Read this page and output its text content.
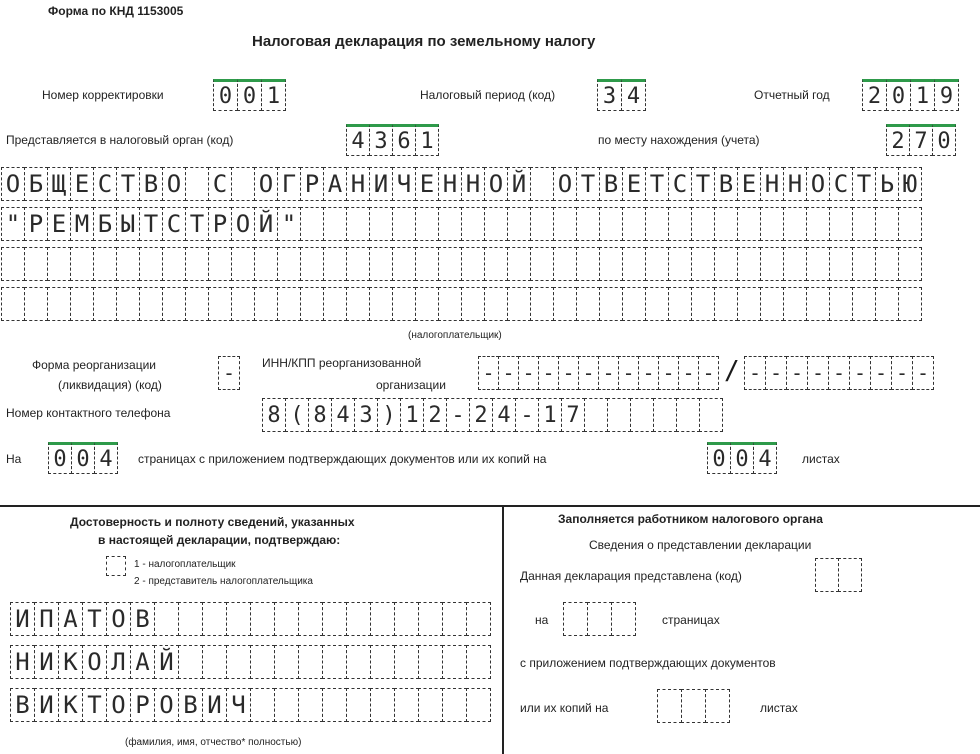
Форма по КНД 1153005
Налоговая декларация по земельному налогу
Номер корректировки	0 0 1	Налоговый период (код) 3 4	Отчетный год 2 0 1 9
Представляется в налоговый орган (код)	4 3 6 1	по месту нахождения (учета)	2 7 0
О Б Щ Е С Т В О С О Г Р А Н И Ч Е Н Н О Й О Т В Е Т С Т В Е Н Н О С Т Ь Ю
" Р Е М Б Ы Т С Т Р О Й "
(налогоплательщик)
Форма реорганизации
(ликвидация) (код)	-	ИНН/КПП реорганизованной
организации - - - - - - - - - - - - / - - - - - - - - -
Номер контактного телефона	8 ( 8 4 3 ) 1 2 - 2 4 - 1 7
На 0 0 4	страницах с приложением подтверждающих документов или их копий на	0 0 4	листах
Достоверность и полноту сведений, указанных
в настоящей декларации, подтверждаю:
1 - налогоплательщик
2 - представитель налогоплательщика
И П А Т О В
Н И К О Л А Й
В И К Т О Р О В И Ч
(фамилия, имя, отчество* полностью)
Заполняется работником налогового органа
Сведения о представлении декларации
Данная декларация представлена (код)
на	страницах
с приложением подтверждающих документов
или их копий на	листах
